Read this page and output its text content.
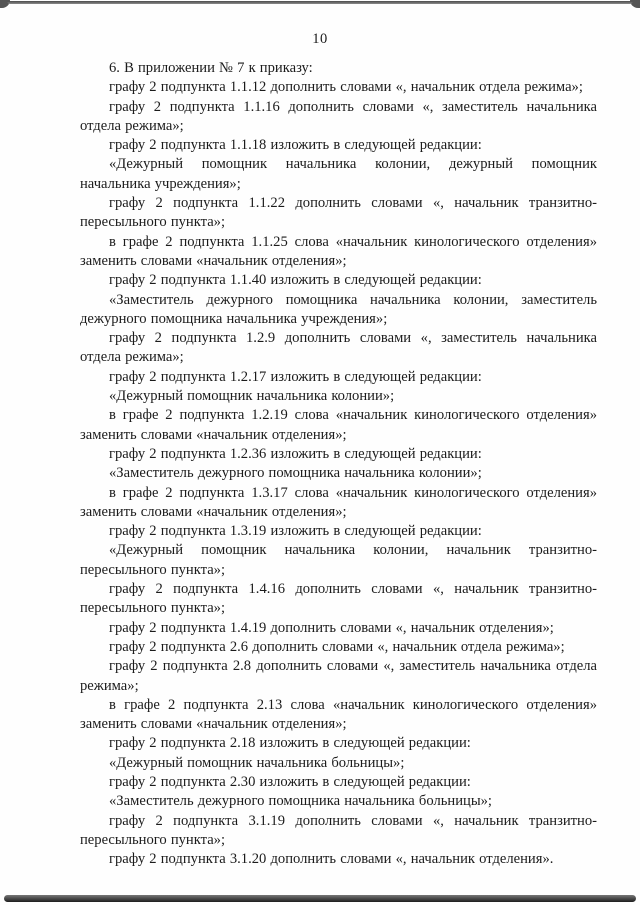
10

6. В приложении № 7 к приказу:

графу 2 подпункта 1.1.12 дополнить словами «, начальник отдела режима»;

графу 2 подпункта 1.1.16 дополнить словами «, заместитель начальника отдела режима»;

графу 2 подпункта 1.1.18 изложить в следующей редакции:

«Дежурный помощник начальника колонии, дежурный помощник начальника учреждения»;

графу 2 подпункта 1.1.22 дополнить словами «, начальник транзитно-пересыльного пункта»;

в графе 2 подпункта 1.1.25 слова «начальник кинологического отделения» заменить словами «начальник отделения»;

графу 2 подпункта 1.1.40 изложить в следующей редакции:

«Заместитель дежурного помощника начальника колонии, заместитель дежурного помощника начальника учреждения»;

графу 2 подпункта 1.2.9 дополнить словами «, заместитель начальника отдела режима»;

графу 2 подпункта 1.2.17 изложить в следующей редакции:

«Дежурный помощник начальника колонии»;

в графе 2 подпункта 1.2.19 слова «начальник кинологического отделения» заменить словами «начальник отделения»;

графу 2 подпункта 1.2.36 изложить в следующей редакции:

«Заместитель дежурного помощника начальника колонии»;

в графе 2 подпункта 1.3.17 слова «начальник кинологического отделения» заменить словами «начальник отделения»;

графу 2 подпункта 1.3.19 изложить в следующей редакции:

«Дежурный помощник начальника колонии, начальник транзитно-пересыльного пункта»;

графу 2 подпункта 1.4.16 дополнить словами «, начальник транзитно-пересыльного пункта»;

графу 2 подпункта 1.4.19 дополнить словами «, начальник отделения»;

графу 2 подпункта 2.6 дополнить словами «, начальник отдела режима»;

графу 2 подпункта 2.8 дополнить словами «, заместитель начальника отдела режима»;

в графе 2 подпункта 2.13 слова «начальник кинологического отделения» заменить словами «начальник отделения»;

графу 2 подпункта 2.18 изложить в следующей редакции:

«Дежурный помощник начальника больницы»;

графу 2 подпункта 2.30 изложить в следующей редакции:

«Заместитель дежурного помощника начальника больницы»;

графу 2 подпункта 3.1.19 дополнить словами «, начальник транзитно-пересыльного пункта»;

графу 2 подпункта 3.1.20 дополнить словами «, начальник отделения».
